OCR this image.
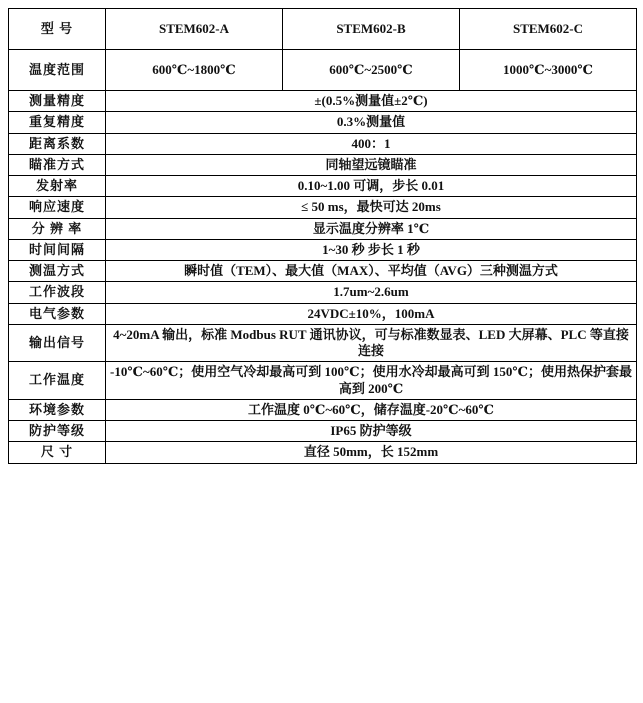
型 号	STEM602-A	STEM602-B	STEM602-C
温度范围	600℃~1800℃	600℃~2500℃	1000℃~3000℃
测量精度	±(0.5%测量值±2℃)		
重复精度	0.3%测量值		
距离系数	400：1		
瞄准方式	同轴望远镜瞄准		
发射率	0.10~1.00 可调，步长 0.01		
响应速度	≤ 50 ms，最快可达 20ms		
分 辨 率	显示温度分辨率 1℃		
时间间隔	1~30 秒 步长 1 秒		
测温方式	瞬时值（TEM）、最大值（MAX）、平均值（AVG）三种测温方式		
工作波段	1.7um~2.6um		
电气参数	24VDC±10%，100mA		
输出信号	4~20mA 输出，标准 Modbus RUT 通讯协议，可与标准数显表、LED 大屏幕、PLC 等直接连接		
工作温度	-10℃~60℃；使用空气冷却最高可到 100℃；使用水冷却最高可到 150℃；使用热保护套最高到 200℃		
环境参数	工作温度 0℃~60℃，储存温度-20℃~60℃		
防护等级	IP65 防护等级		
尺 寸	直径 50mm，长 152mm		
